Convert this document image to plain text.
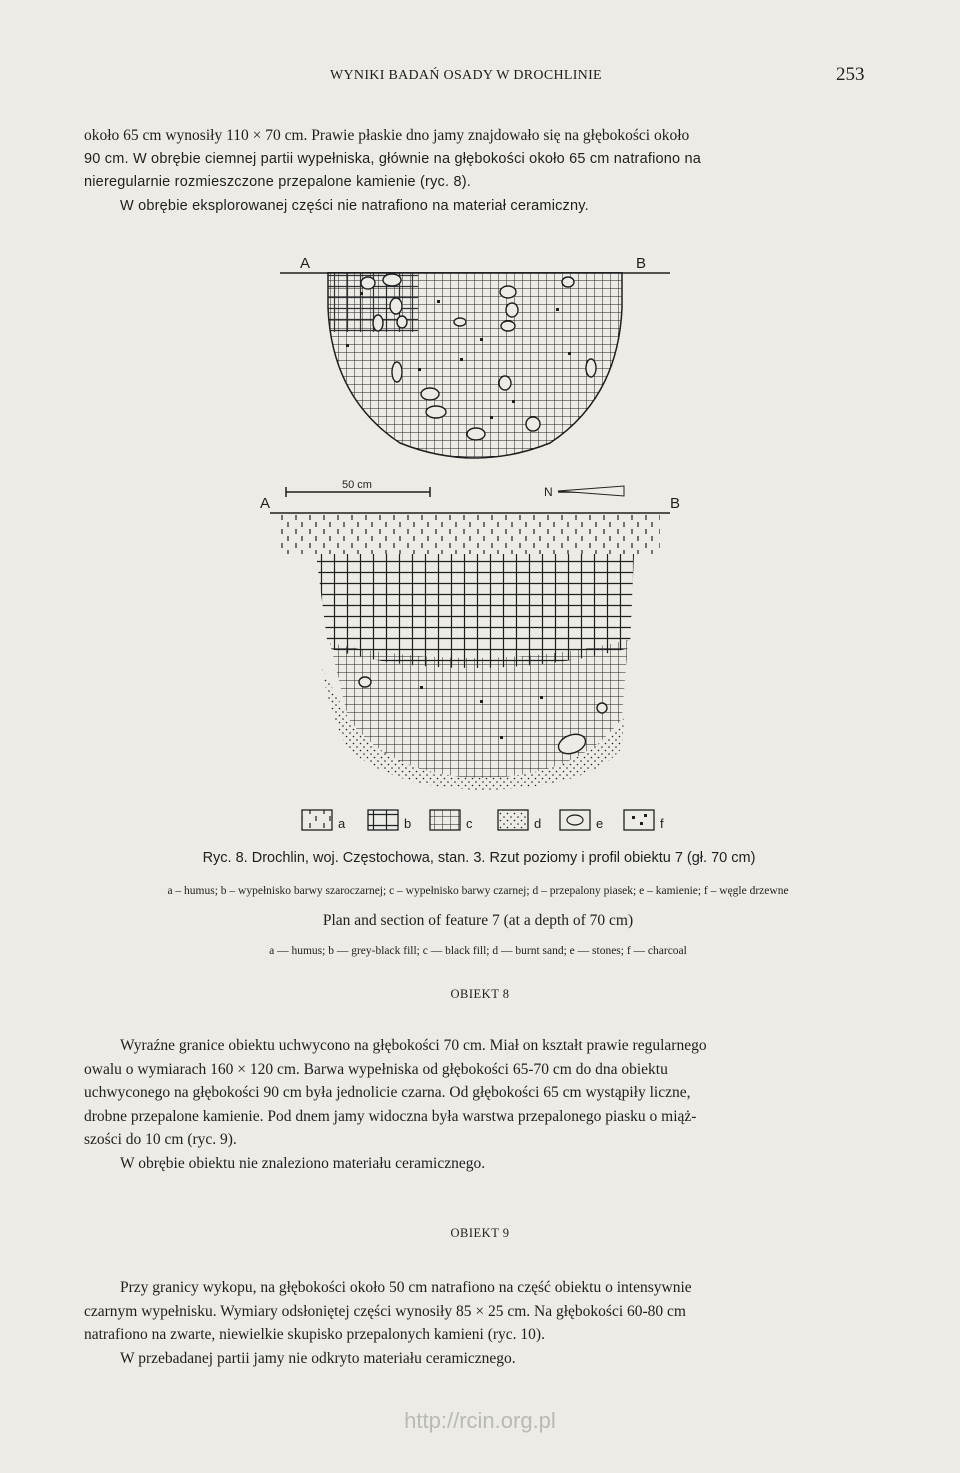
WYNIKI BADAŃ OSADY W DROCHLINIE	253
około 65 cm wynosiły 110 × 70 cm. Prawie płaskie dno jamy znajdowało się na głębokości około
90 cm. W obrębie ciemnej partii wypełniska, głównie na głębokości około 65 cm natrafiono na
nieregularnie rozmieszczone przepalone kamienie (ryc. 8).
W obrębie eksplorowanej części nie natrafiono na materiał ceramiczny.
A	B
50 cm	N
A	B
a	b	c	d	e	f
Ryc. 8. Drochlin, woj. Częstochowa, stan. 3. Rzut poziomy i profil obiektu 7 (gł. 70 cm)
a – humus; b – wypełnisko barwy szaroczarnej; c – wypełnisko barwy czarnej; d – przepalony piasek; e – kamienie; f – węgle drzewne
Plan and section of feature 7 (at a depth of 70 cm)
a — humus; b — grey-black fill; c — black fill; d — burnt sand; e — stones; f — charcoal
OBIEKT 8
Wyraźne granice obiektu uchwycono na głębokości 70 cm. Miał on kształt prawie regularnego
owalu o wymiarach 160 × 120 cm. Barwa wypełniska od głębokości 65-70 cm do dna obiektu
uchwyconego na głębokości 90 cm była jednolicie czarna. Od głębokości 65 cm wystąpiły liczne,
drobne przepalone kamienie. Pod dnem jamy widoczna była warstwa przepalonego piasku o miąż-
szości do 10 cm (ryc. 9).
W obrębie obiektu nie znaleziono materiału ceramicznego.
OBIEKT 9
Przy granicy wykopu, na głębokości około 50 cm natrafiono na część obiektu o intensywnie
czarnym wypełnisku. Wymiary odsłoniętej części wynosiły 85 × 25 cm. Na głębokości 60-80 cm
natrafiono na zwarte, niewielkie skupisko przepalonych kamieni (ryc. 10).
W przebadanej partii jamy nie odkryto materiału ceramicznego.
http://rcin.org.pl
